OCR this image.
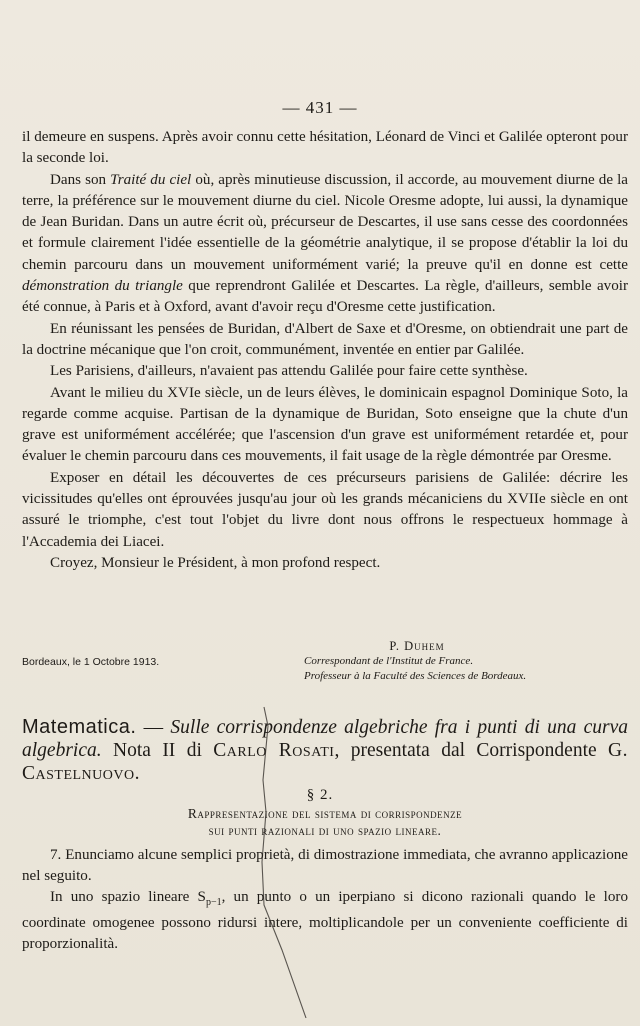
— 431 —

il demeure en suspens. Après avoir connu cette hésitation, Léonard de Vinci et Galilée opteront pour la seconde loi.

Dans son Traité du ciel où, après minutieuse discussion, il accorde, au mouvement diurne de la terre, la préférence sur le mouvement diurne du ciel. Nicole Oresme adopte, lui aussi, la dynamique de Jean Buridan. Dans un autre écrit où, précurseur de Descartes, il use sans cesse des coordonnées et formule clairement l'idée essentielle de la géométrie analytique, il se propose d'établir la loi du chemin parcouru dans un mouvement uniformément varié; la preuve qu'il en donne est cette démonstration du triangle que reprendront Galilée et Descartes. La règle, d'ailleurs, semble avoir été connue, à Paris et à Oxford, avant d'avoir reçu d'Oresme cette justification.

En réunissant les pensées de Buridan, d'Albert de Saxe et d'Oresme, on obtiendrait une part de la doctrine mécanique que l'on croit, communément, inventée en entier par Galilée.

Les Parisiens, d'ailleurs, n'avaient pas attendu Galilée pour faire cette synthèse.

Avant le milieu du XVIe siècle, un de leurs élèves, le dominicain espagnol Dominique Soto, la regarde comme acquise. Partisan de la dynamique de Buridan, Soto enseigne que la chute d'un grave est uniformément accélérée; que l'ascension d'un grave est uniformément retardée et, pour évaluer le chemin parcouru dans ces mouvements, il fait usage de la règle démontrée par Oresme.

Exposer en détail les découvertes de ces précurseurs parisiens de Galilée: décrire les vicissitudes qu'elles ont éprouvées jusqu'au jour où les grands mécaniciens du XVIIe siècle en ont assuré le triomphe, c'est tout l'objet du livre dont nous offrons le respectueux hommage à l'Accademia dei Liacei.

Croyez, Monsieur le Président, à mon profond respect.

Bordeaux, le 1 Octobre 1913.
P. Duhem
Correspondant de l'Institut de France.
Professeur à la Faculté des Sciences de Bordeaux.
Matematica. — Sulle corrispondenze algebriche fra i punti di una curva algebrica. Nota II di Carlo Rosati, presentata dal Corrispondente G. Castelnuovo.
§ 2.
Rappresentazione del sistema di corrispondenze
sui punti razionali di uno spazio lineare.

7. Enunciamo alcune semplici proprietà, di dimostrazione immediata, che avranno applicazione nel seguito.

In uno spazio lineare $S_{p-1}$, un punto o un iperpiano si dicono razionali quando le loro coordinate omogenee possono ridursi intere, moltiplicandole per un conveniente coefficiente di proporzionalità.
